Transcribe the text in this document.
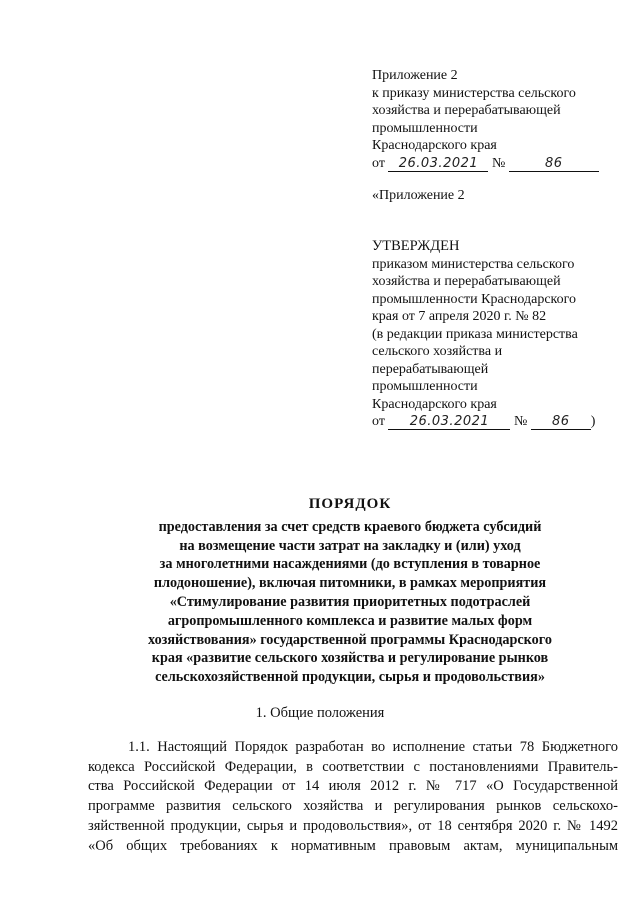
Приложение 2
к приказу министерства сельского
хозяйства и перерабатывающей
промышленности
Краснодарского края
от 26.03.2021 №	86
«Приложение 2
УТВЕРЖДЕН
приказом министерства сельского
хозяйства и перерабатывающей
промышленности Краснодарского
края от 7 апреля 2020 г. № 82
(в редакции приказа министерства
сельского хозяйства и
перерабатывающей
промышленности
Краснодарского края
от 26.03.2021 № 86 )
ПОРЯДОК
предоставления за счет средств краевого бюджета субсидий
на возмещение части затрат на закладку и (или) уход
за многолетними насаждениями (до вступления в товарное
плодоношение), включая питомники, в рамках мероприятия
«Стимулирование развития приоритетных подотраслей
агропромышленного комплекса и развитие малых форм
хозяйствования» государственной программы Краснодарского
края «развитие сельского хозяйства и регулирование рынков
сельскохозяйственной продукции, сырья и продовольствия»
1. Общие положения
1.1. Настоящий Порядок разработан во исполнение статьи 78 Бюджетного
кодекса Российской Федерации, в соответствии с постановлениями Правитель-
ства Российской Федерации от 14 июля 2012 г. № 717 «О Государственной
программе развития сельского хозяйства и регулирования рынков сельскохо-
зяйственной продукции, сырья и продовольствия», от 18 сентября 2020 г. № 1492
«Об общих требованиях к нормативным правовым актам, муниципальным
